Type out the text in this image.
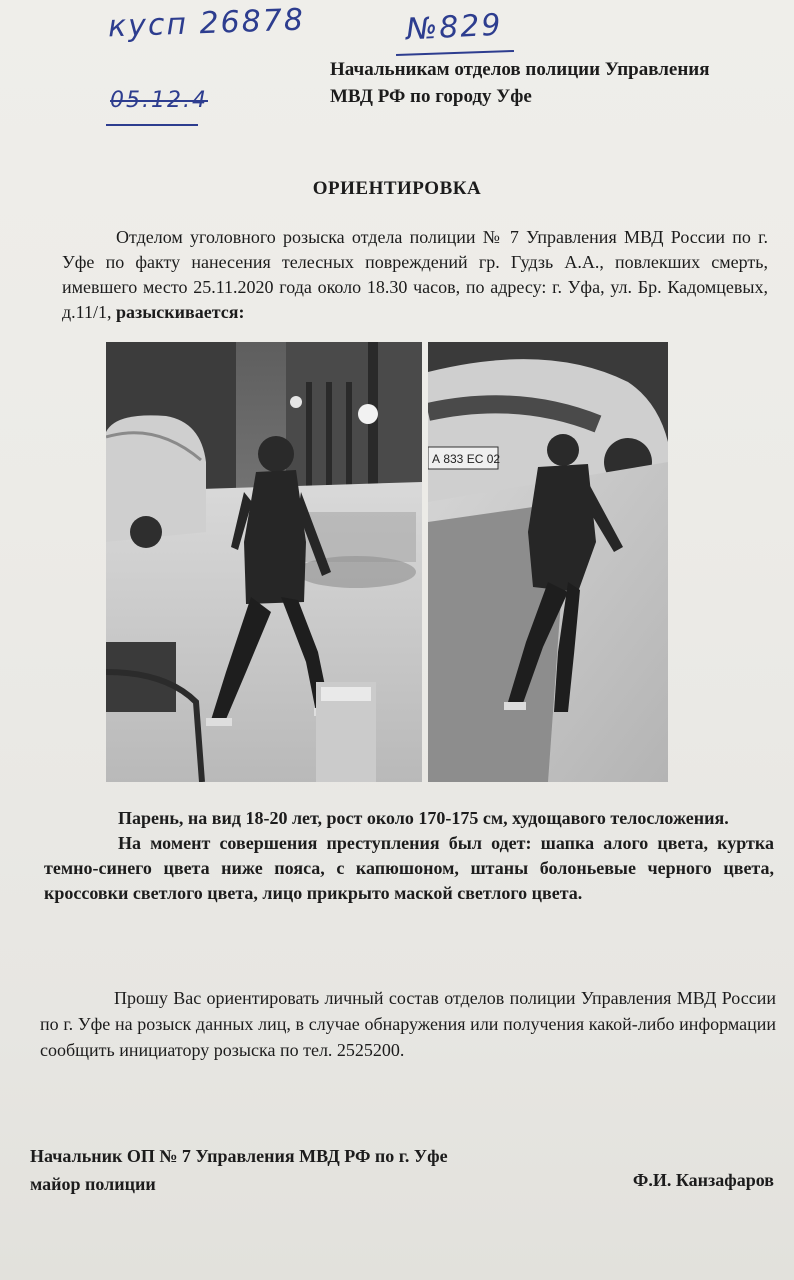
кусп 26878	№829
05.12.4
Начальникам отделов полиции Управления
МВД РФ по городу Уфе
ОРИЕНТИРОВКА
Отделом уголовного розыска отдела полиции № 7 Управления МВД России по г. Уфе по факту нанесения телесных повреждений гр. Гудзь А.А., повлекших смерть, имевшего место 25.11.2020 года около 18.30 часов, по адресу: г. Уфа, ул. Бр. Кадомцевых, д.11/1, разыскивается:
А 833 ЕС 02

Парень, на вид 18-20 лет, рост около 170-175 см, худощавого телосложения.

На момент совершения преступления был одет: шапка алого цвета, куртка темно-синего цвета ниже пояса, с капюшоном, штаны болоньевые черного цвета, кроссовки светлого цвета, лицо прикрыто маской светлого цвета.

Прошу Вас ориентировать личный состав отделов полиции Управления МВД России по г. Уфе на розыск данных лиц, в случае обнаружения или получения какой-либо информации сообщить инициатору розыска по тел. 2525200.
Начальник ОП № 7 Управления МВД РФ по г. Уфе
майор полиции	Ф.И. Канзафаров
